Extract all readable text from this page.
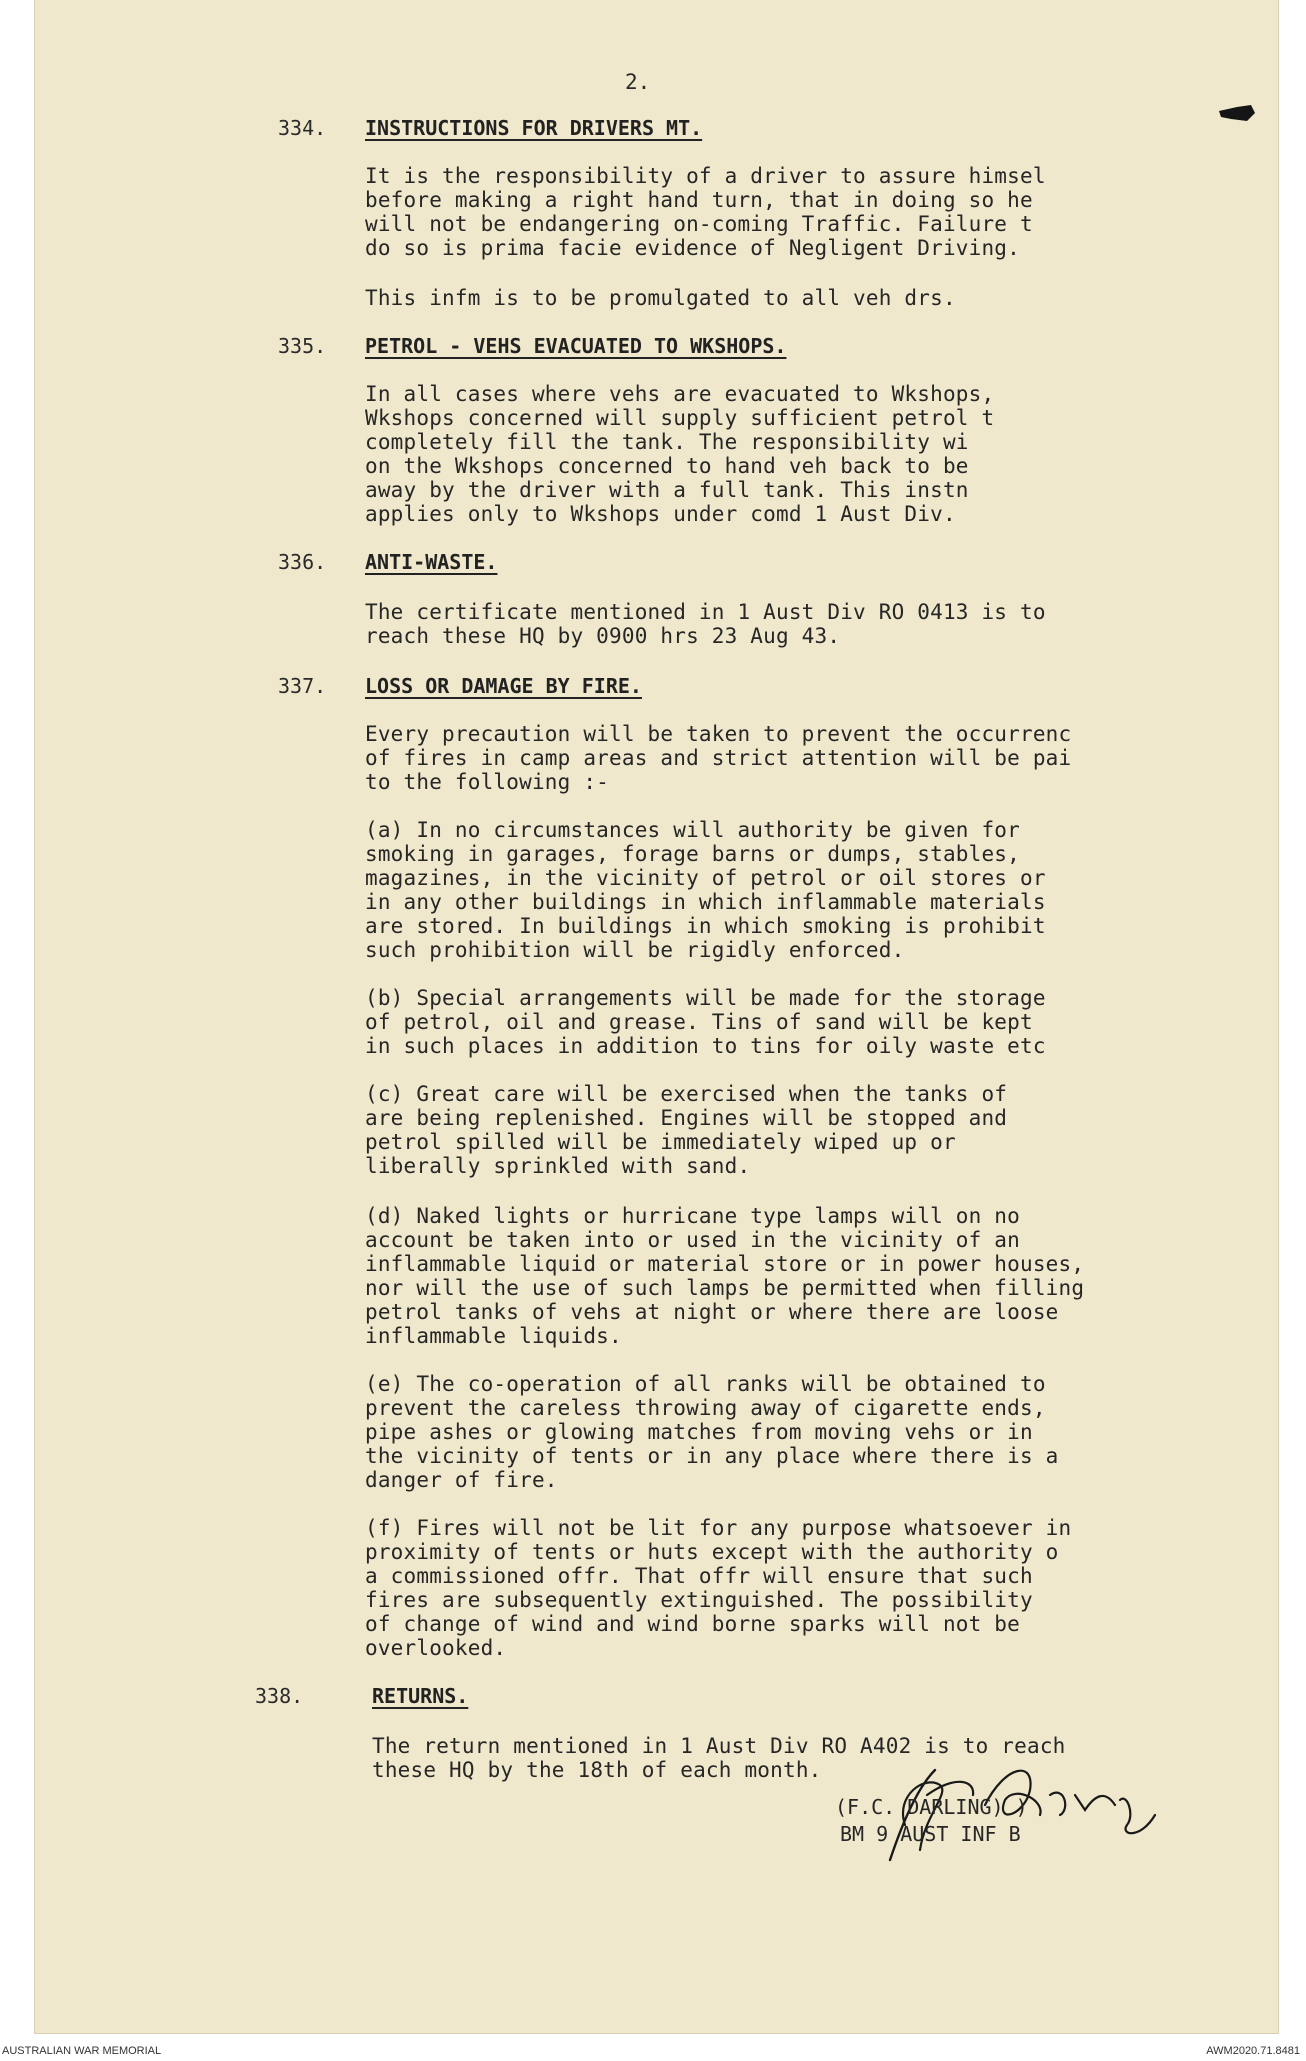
2.
334. INSTRUCTIONS FOR DRIVERS MT.
It is the responsibility of a driver to assure himsel
before making a right hand turn, that in doing so he
will not be endangering on-coming Traffic. Failure t
do so is prima facie evidence of Negligent Driving.
This infm is to be promulgated to all veh drs.
335. PETROL - VEHS EVACUATED TO WKSHOPS.
In all cases where vehs are evacuated to Wkshops,
Wkshops concerned will supply sufficient petrol t
completely fill the tank. The responsibility wi
on the Wkshops concerned to hand veh back to be
away by the driver with a full tank. This instn
applies only to Wkshops under comd 1 Aust Div.
336. ANTI-WASTE.
The certificate mentioned in 1 Aust Div RO 0413 is to
reach these HQ by 0900 hrs 23 Aug 43.
337. LOSS OR DAMAGE BY FIRE.
Every precaution will be taken to prevent the occurrenc
of fires in camp areas and strict attention will be pai
to the following :-
(a) In no circumstances will authority be given for
smoking in garages, forage barns or dumps, stables,
magazines, in the vicinity of petrol or oil stores or
in any other buildings in which inflammable materials
are stored. In buildings in which smoking is prohibit
such prohibition will be rigidly enforced.
(b) Special arrangements will be made for the storage
of petrol, oil and grease. Tins of sand will be kept
in such places in addition to tins for oily waste etc
(c) Great care will be exercised when the tanks of
are being replenished. Engines will be stopped and
petrol spilled will be immediately wiped up or
liberally sprinkled with sand.
(d) Naked lights or hurricane type lamps will on no
account be taken into or used in the vicinity of an
inflammable liquid or material store or in power houses,
nor will the use of such lamps be permitted when filling
petrol tanks of vehs at night or where there are loose
inflammable liquids.
(e) The co-operation of all ranks will be obtained to
prevent the careless throwing away of cigarette ends,
pipe ashes or glowing matches from moving vehs or in
the vicinity of tents or in any place where there is a
danger of fire.
(f) Fires will not be lit for any purpose whatsoever in
proximity of tents or huts except with the authority o
a commissioned offr. That offr will ensure that such
fires are subsequently extinguished. The possibility
of change of wind and wind borne sparks will not be
overlooked.
338.	RETURNS.
The return mentioned in 1 Aust Div RO A402 is to reach
these HQ by the 18th of each month.
(F.C. DARLING) )
BM 9 AUST INF B
AUSTRALIAN WAR MEMORIAL	AWM2020.71.8481
